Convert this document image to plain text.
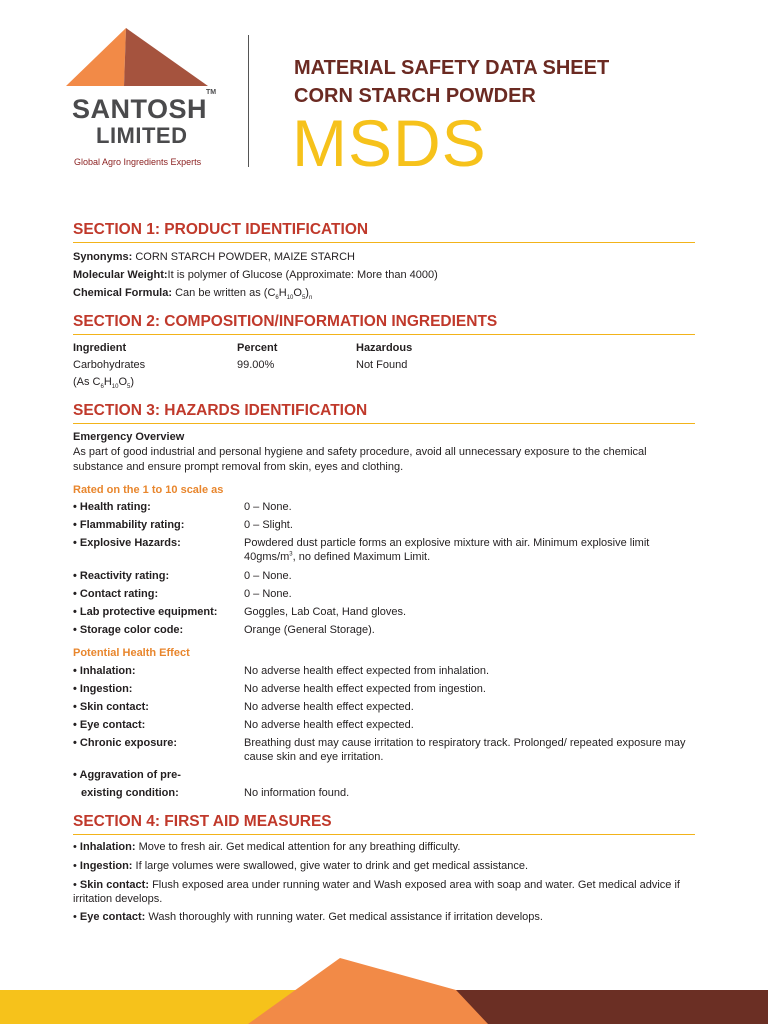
SANTOSH
TM
LIMITED
Global Agro Ingredients Experts
MATERIAL SAFETY DATA SHEET
CORN STARCH POWDER
MSDS
SECTION 1: PRODUCT IDENTIFICATION
Synonyms: CORN STARCH POWDER, MAIZE STARCH
Molecular Weight:It is polymer of Glucose (Approximate: More than 4000)
Chemical Formula: Can be written as $(C_6H_{10}O_5)_n$
SECTION 2: COMPOSITION/INFORMATION INGREDIENTS
Ingredient	Percent	Hazardous
Carbohydrates	99.00%	Not Found
(As $C_6H_{10}O_5$)
SECTION 3: HAZARDS IDENTIFICATION
Emergency Overview
As part of good industrial and personal hygiene and safety procedure, avoid all unnecessary exposure to the chemical substance and ensure prompt removal from skin, eyes and clothing.
Rated on the 1 to 10 scale as
• Health rating:	0 – None.
• Flammability rating:	0 – Slight.
• Explosive Hazards:	Powdered dust particle forms an explosive mixture with air. Minimum explosive limit $40gms/m^3$, no defined Maximum Limit.
• Reactivity rating:	0 – None.
• Contact rating:	0 – None.
• Lab protective equipment: Goggles, Lab Coat, Hand gloves.
• Storage color code:	Orange (General Storage).
Potential Health Effect
• Inhalation:	No adverse health effect expected from inhalation.
• Ingestion:	No adverse health effect expected from ingestion.
• Skin contact:	No adverse health effect expected.
• Eye contact:	No adverse health effect expected.
• Chronic exposure:	Breathing dust may cause irritation to respiratory track. Prolonged/ repeated exposure may cause skin and eye irritation.
• Aggravation of pre-
existing condition:	No information found.
SECTION 4: FIRST AID MEASURES
• Inhalation: Move to fresh air. Get medical attention for any breathing difficulty.
• Ingestion: If large volumes were swallowed, give water to drink and get medical assistance.
• Skin contact: Flush exposed area under running water and Wash exposed area with soap and water. Get medical advice if irritation develops.
• Eye contact: Wash thoroughly with running water. Get medical assistance if irritation develops.
